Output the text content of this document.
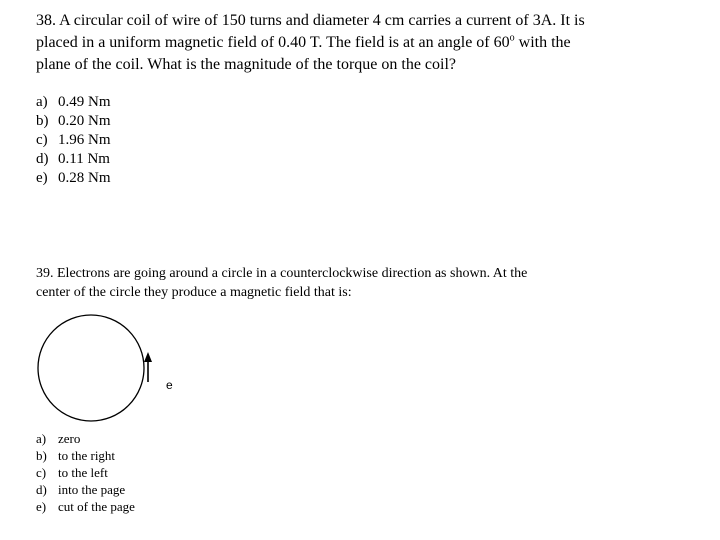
38. A circular coil of wire of 150 turns and diameter 4 cm carries a current of 3A. It is
placed in a uniform magnetic field of 0.40 T. The field is at an angle of 60$^o$ with the
plane of the coil. What is the magnitude of the torque on the coil?

a) 0.49 Nm
b) 0.20 Nm
c) 1.96 Nm
d) 0.11 Nm
e) 0.28 Nm

39. Electrons are going around a circle in a counterclockwise direction as shown. At the
center of the circle they produce a magnetic field that is:

e
a) zero
b) to the right
c) to the left
d) into the page
e) cut of the page
